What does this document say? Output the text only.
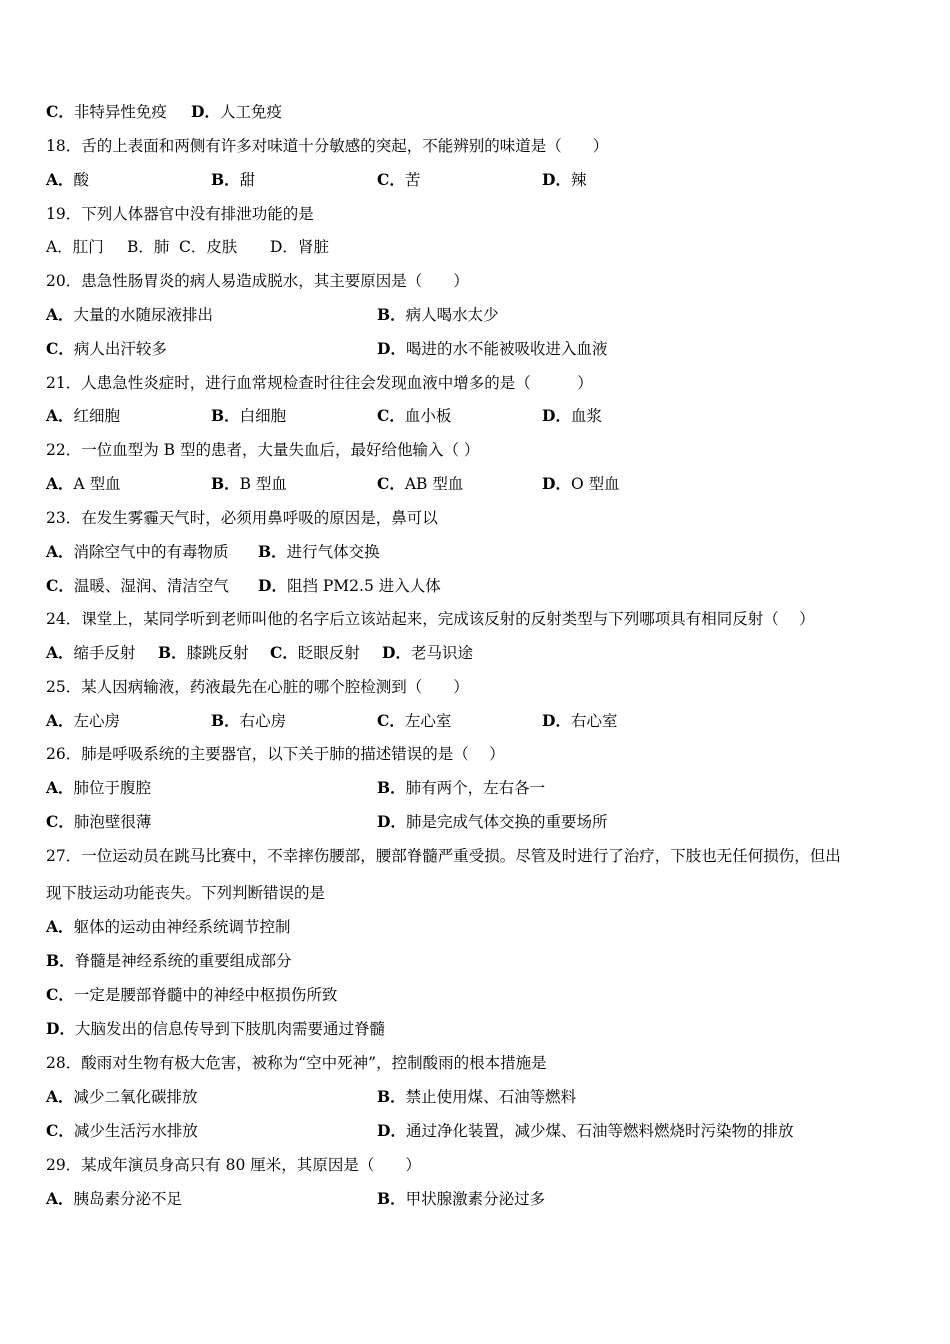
C．非特异性免疫 D．人工免疫
18．舌的上表面和两侧有许多对味道十分敏感的突起，不能辨别的味道是（　　）
A．酸	B．甜	C．苦	D．辣
19．下列人体器官中没有排泄功能的是
A．肛门 B．肺 C．皮肤 D．肾脏
20．患急性肠胃炎的病人易造成脱水，其主要原因是（　　）
A．大量的水随尿液排出	B．病人喝水太少
C．病人出汗较多	D．喝进的水不能被吸收进入血液
21．人患急性炎症时，进行血常规检查时往往会发现血液中增多的是（　　　）
A．红细胞	B．白细胞	C．血小板	D．血浆
22．一位血型为 B 型的患者，大量失血后，最好给他输入（ ）
A．A 型血	B．B 型血	C．AB 型血	D．O 型血
23．在发生雾霾天气时，必须用鼻呼吸的原因是，鼻可以
A．消除空气中的有毒物质 B．进行气体交换
C．温暖、湿润、清洁空气 D．阻挡 PM2.5 进入人体
24．课堂上，某同学听到老师叫他的名字后立该站起来，完成该反射的反射类型与下列哪项具有相同反射（　 ）
A．缩手反射 B．膝跳反射 C．眨眼反射 D．老马识途
25．某人因病输液，药液最先在心脏的哪个腔检测到（　　）
A．左心房	B．右心房	C．左心室	D．右心室
26．肺是呼吸系统的主要器官，以下关于肺的描述错误的是（　 ）
A．肺位于腹腔	B．肺有两个，左右各一
C．肺泡壁很薄	D．肺是完成气体交换的重要场所
27．一位运动员在跳马比赛中，不幸摔伤腰部，腰部脊髓严重受损。尽管及时进行了治疗，下肢也无任何损伤，但出
现下肢运动功能丧失。下列判断错误的是
A．躯体的运动由神经系统调节控制
B．脊髓是神经系统的重要组成部分
C．一定是腰部脊髓中的神经中枢损伤所致
D．大脑发出的信息传导到下肢肌肉需要通过脊髓
28．酸雨对生物有极大危害，被称为“空中死神”，控制酸雨的根本措施是
A．减少二氧化碳排放	B．禁止使用煤、石油等燃料
C．减少生活污水排放	D．通过净化装置，减少煤、石油等燃料燃烧时污染物的排放
29．某成年演员身高只有 80 厘米，其原因是（　　）
A．胰岛素分泌不足	B．甲状腺激素分泌过多
